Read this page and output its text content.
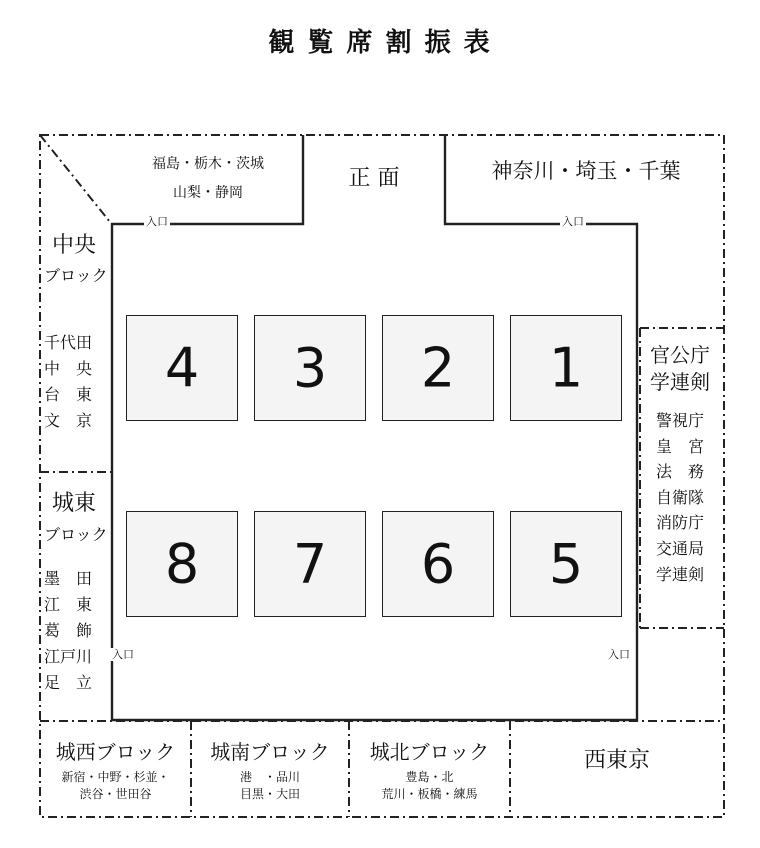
観 覧 席 割 振 表
正 面
福島・栃木・茨城
山梨・静岡
神奈川・埼玉・千葉
入口	入口
入口	入口
中央
ブロック
千代田
中　央
台　東
文　京
城東
ブロック
墨　田
江　東
葛　飾
江戸川
足　立
官公庁
学連剣
警視庁
皇　宮
法　務
自衛隊
消防庁
交通局
学連剣
4	3	2	1
8	7	6	5
城西ブロック
新宿・中野・杉並・
渋谷・世田谷
城南ブロック
港　・品川
目黒・大田
城北ブロック
豊島・北
荒川・板橋・練馬
西東京
